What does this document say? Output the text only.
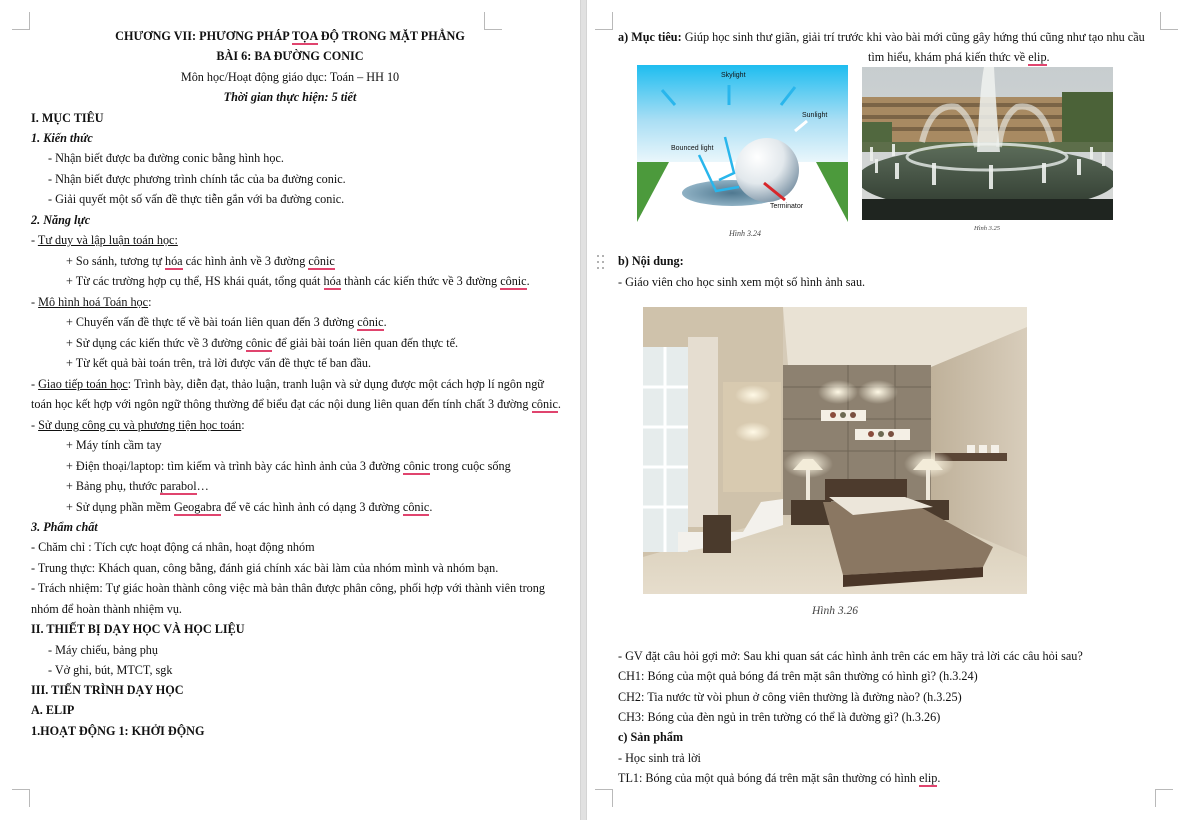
CHƯƠNG VII: PHƯƠNG PHÁP TỌA ĐỘ TRONG MẶT PHẲNG
BÀI 6: BA ĐƯỜNG CONIC
Môn học/Hoạt động giáo dục: Toán – HH 10
Thời gian thực hiện: 5 tiết
I. MỤC TIÊU
1. Kiến thức
- Nhận biết được ba đường conic bằng hình học.
- Nhận biết được phương trình chính tắc của ba đường conic.
- Giải quyết một số vấn đề thực tiễn gắn với ba đường conic.
2. Năng lực
- Tư duy và lập luận toán học:
+ So sánh, tương tự hóa các hình ảnh về 3 đường cônic
+ Từ các trường hợp cụ thể, HS khái quát, tổng quát hóa thành các kiến thức về 3 đường cônic.
- Mô hình hoá Toán học:
+ Chuyển vấn đề thực tế về bài toán liên quan đến 3 đường cônic.
+ Sử dụng các kiến thức về 3 đường cônic để giải bài toán liên quan đến thực tế.
+ Từ kết quả bài toán trên, trả lời được vấn đề thực tế ban đầu.
- Giao tiếp toán học: Trình bày, diễn đạt, thảo luận, tranh luận và sử dụng được một cách hợp lí ngôn ngữ
toán học kết hợp với ngôn ngữ thông thường để biểu đạt các nội dung liên quan đến tính chất 3 đường cônic.
- Sử dụng công cụ và phương tiện học toán:
+ Máy tính cầm tay
+ Điện thoại/laptop: tìm kiếm và trình bày các hình ảnh của 3 đường cônic trong cuộc sống
+ Bảng phụ, thước parabol…
+ Sử dụng phần mềm Geogabra để vẽ các hình ảnh có dạng 3 đường cônic.
3. Phẩm chất
- Chăm chỉ : Tích cực hoạt động cá nhân, hoạt động nhóm
- Trung thực: Khách quan, công bằng, đánh giá chính xác bài làm của nhóm mình và nhóm bạn.
- Trách nhiệm: Tự giác hoàn thành công việc mà bản thân được phân công, phối hợp với thành viên trong
nhóm để hoàn thành nhiệm vụ.
II. THIẾT BỊ DẠY HỌC VÀ HỌC LIỆU
- Máy chiếu, bảng phụ
- Vở ghi, bút, MTCT, sgk
III. TIẾN TRÌNH DẠY HỌC
A. ELIP
1.HOẠT ĐỘNG 1: KHỞI ĐỘNG
a) Mục tiêu: Giúp học sinh thư giãn, giải trí trước khi vào bài mới cũng gây hứng thú cũng như tạo nhu cầu
tìm hiểu, khám phá kiến thức về elip.
Skylight
Sunlight
Bounced light
Terminator
Hình 3.24
Hình 3.25
b) Nội dung:
- Giáo viên cho học sinh xem một số hình ảnh sau.
Hình 3.26
- GV đặt câu hỏi gợi mở: Sau khi quan sát các hình ảnh trên các em hãy trả lời các câu hỏi sau?
CH1: Bóng của một quả bóng đá trên mặt sân thường có hình gì? (h.3.24)
CH2: Tia nước từ vòi phun ở công viên thường là đường nào? (h.3.25)
CH3: Bóng của đèn ngủ in trên tường có thể là đường gì? (h.3.26)
c) Sản phẩm
- Học sinh trả lời
TL1: Bóng của một quả bóng đá trên mặt sân thường có hình elip.
